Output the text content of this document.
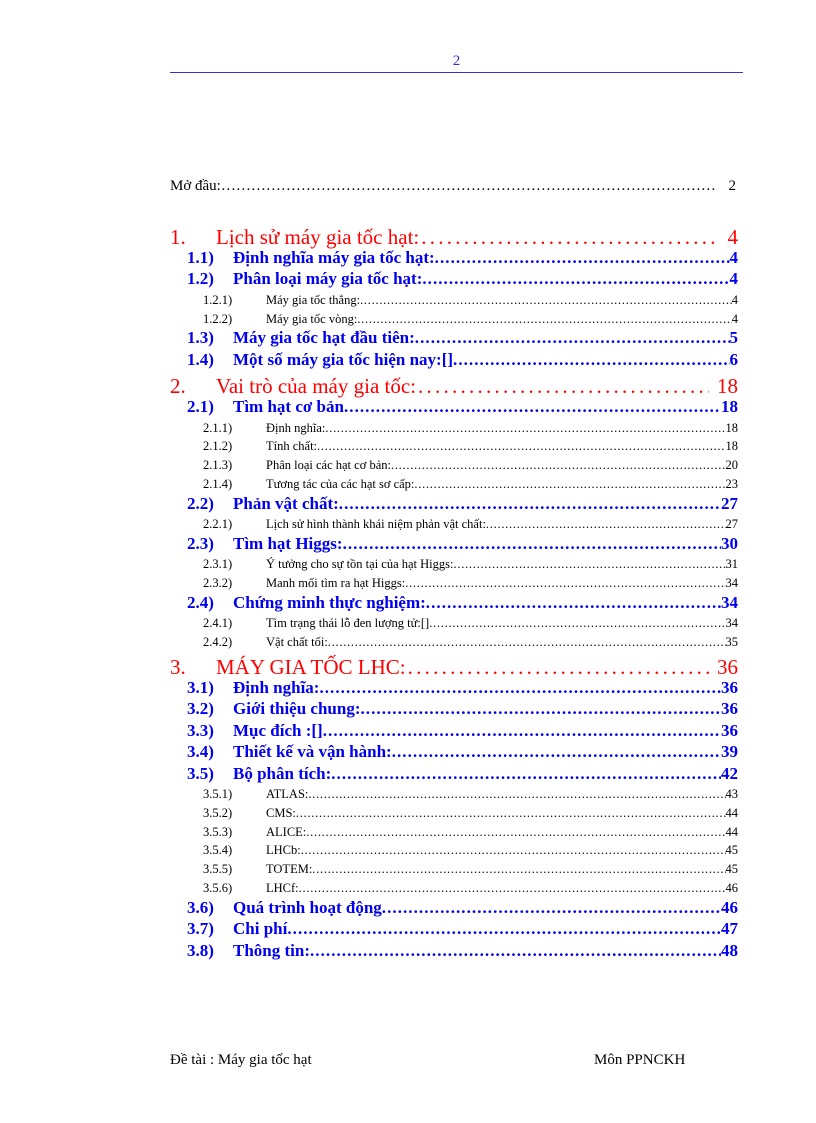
2
Mở đầu: ……………………………………………………………………………………………………………………	2
1.	Lịch sử máy gia tốc hạt: . . .	4
1.1)	Định nghĩa máy gia tốc hạt: . . .	4
1.2)	Phân loại máy gia tốc hạt: . . .	4
1.2.1)	Máy gia tốc thẳng: . . .	4
1.2.2)	Máy gia tốc vòng: . . .	4
1.3)	Máy gia tốc hạt đầu tiên: . . .	5
1.4)	Một số máy gia tốc hiện nay:[] . . .	6
2.	Vai trò của máy gia tốc: . . .	18
2.1)	Tìm hạt cơ bản . . .	18
2.1.1)	Định nghĩa: . . .	18
2.1.2)	Tính chất: . . .	18
2.1.3)	Phân loại các hạt cơ bản: . . .	20
2.1.4)	Tương tác của các hạt sơ cấp: . . .	23
2.2)	Phản vật chất: . . .	27
2.2.1)	Lịch sử hình thành khái niệm phản vật chất: . . .	27
2.3)	Tìm hạt Higgs: . . .	30
2.3.1)	Ý tưởng cho sự tồn tại của hạt Higgs: . . .	31
2.3.2)	Manh mối tìm ra hạt Higgs: . . .	34
2.4)	Chứng minh thực nghiệm: . . .	34
2.4.1)	Tìm trạng thái lỗ đen lượng tử:[] . . .	34
2.4.2)	Vật chất tối: . . .	35
3.	MÁY GIA TỐC LHC: . . .	36
3.1)	Định nghĩa: . . .	36
3.2)	Giới thiệu chung: . . .	36
3.3)	Mục đích :[] . . .	36
3.4)	Thiết kế và vận hành: . . .	39
3.5)	Bộ phân tích: . . .	42
3.5.1)	ATLAS: . . .	43
3.5.2)	CMS: . . .	44
3.5.3)	ALICE: . . .	44
3.5.4)	LHCb: . . .	45
3.5.5)	TOTEM: . . .	45
3.5.6)	LHCf: . . .	46
3.6)	Quá trình hoạt động . . .	46
3.7)	Chi phí . . .	47
3.8)	Thông tin: . . .	48
Đề tài : Máy gia tốc hạt	Môn PPNCKH
